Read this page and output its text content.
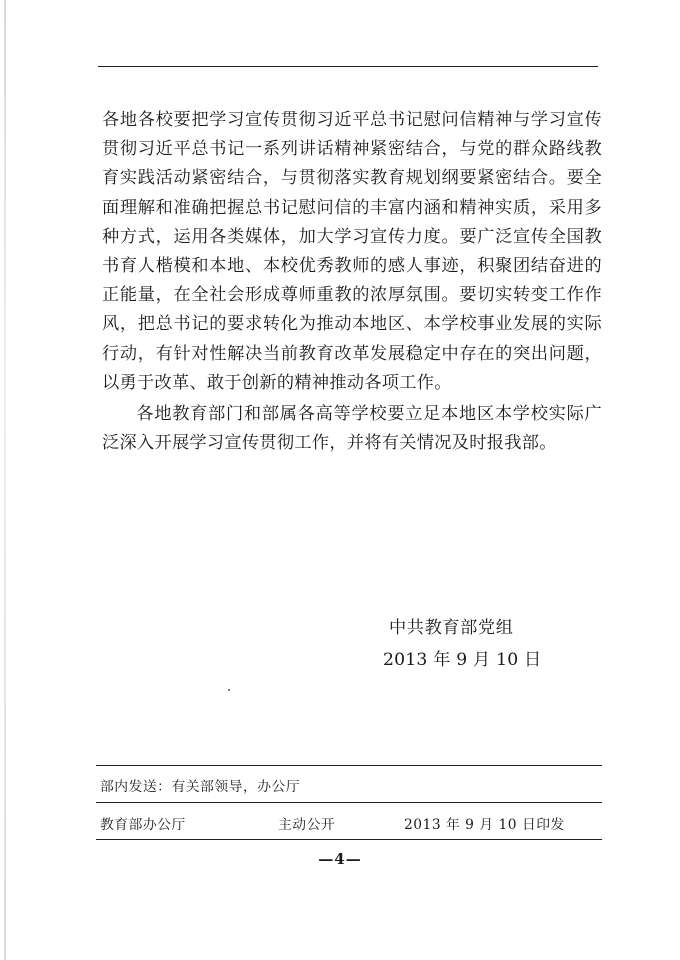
各地各校要把学习宣传贯彻习近平总书记慰问信精神与学习宣传贯彻习近平总书记一系列讲话精神紧密结合，与党的群众路线教育实践活动紧密结合，与贯彻落实教育规划纲要紧密结合。要全面理解和准确把握总书记慰问信的丰富内涵和精神实质，采用多种方式，运用各类媒体，加大学习宣传力度。要广泛宣传全国教书育人楷模和本地、本校优秀教师的感人事迹，积聚团结奋进的正能量，在全社会形成尊师重教的浓厚氛围。要切实转变工作作风，把总书记的要求转化为推动本地区、本学校事业发展的实际行动，有针对性解决当前教育改革发展稳定中存在的突出问题，以勇于改革、敢于创新的精神推动各项工作。

各地教育部门和部属各高等学校要立足本地区本学校实际广泛深入开展学习宣传贯彻工作，并将有关情况及时报我部。

中共教育部党组
2013 年 9 月 10 日
部内发送：有关部领导，办公厅
教育部办公厅	主动公开	2013 年 9 月 10 日印发
—4—
